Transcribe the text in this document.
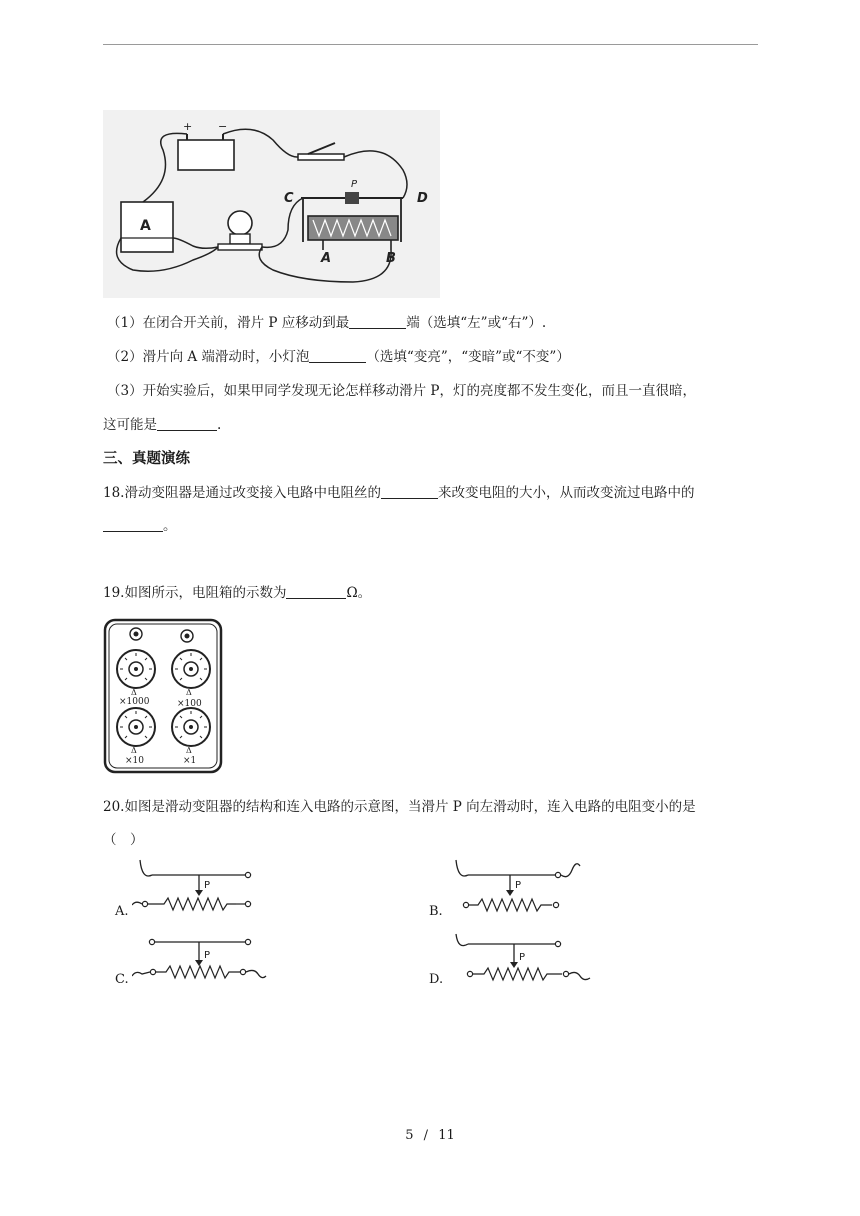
+ −
A
C	D
P
A	B
（1）在闭合开关前，滑片 P 应移动到最	端（选填“左”或“右”）.
（2）滑片向 A 端滑动时，小灯泡	（选填“变亮”，“变暗”或“不变”）
（3）开始实验后，如果甲同学发现无论怎样移动滑片 P，灯的亮度都不发生变化，而且一直很暗，
这可能是	.
三、真题演练
18.滑动变阻器是通过改变接入电路中电阻丝的	来改变电阻的大小，从而改变流过电路中的
。
19.如图所示，电阻箱的示数为	Ω。
Δ	Δ
Δ	Δ
×1000	×100
×10	×1
20.如图是滑动变阻器的结构和连入电路的示意图，当滑片 P 向左滑动时，连入电路的电阻变小的是
（　）
P
A.
P
B.
P
C.
P
D.
5 / 11
